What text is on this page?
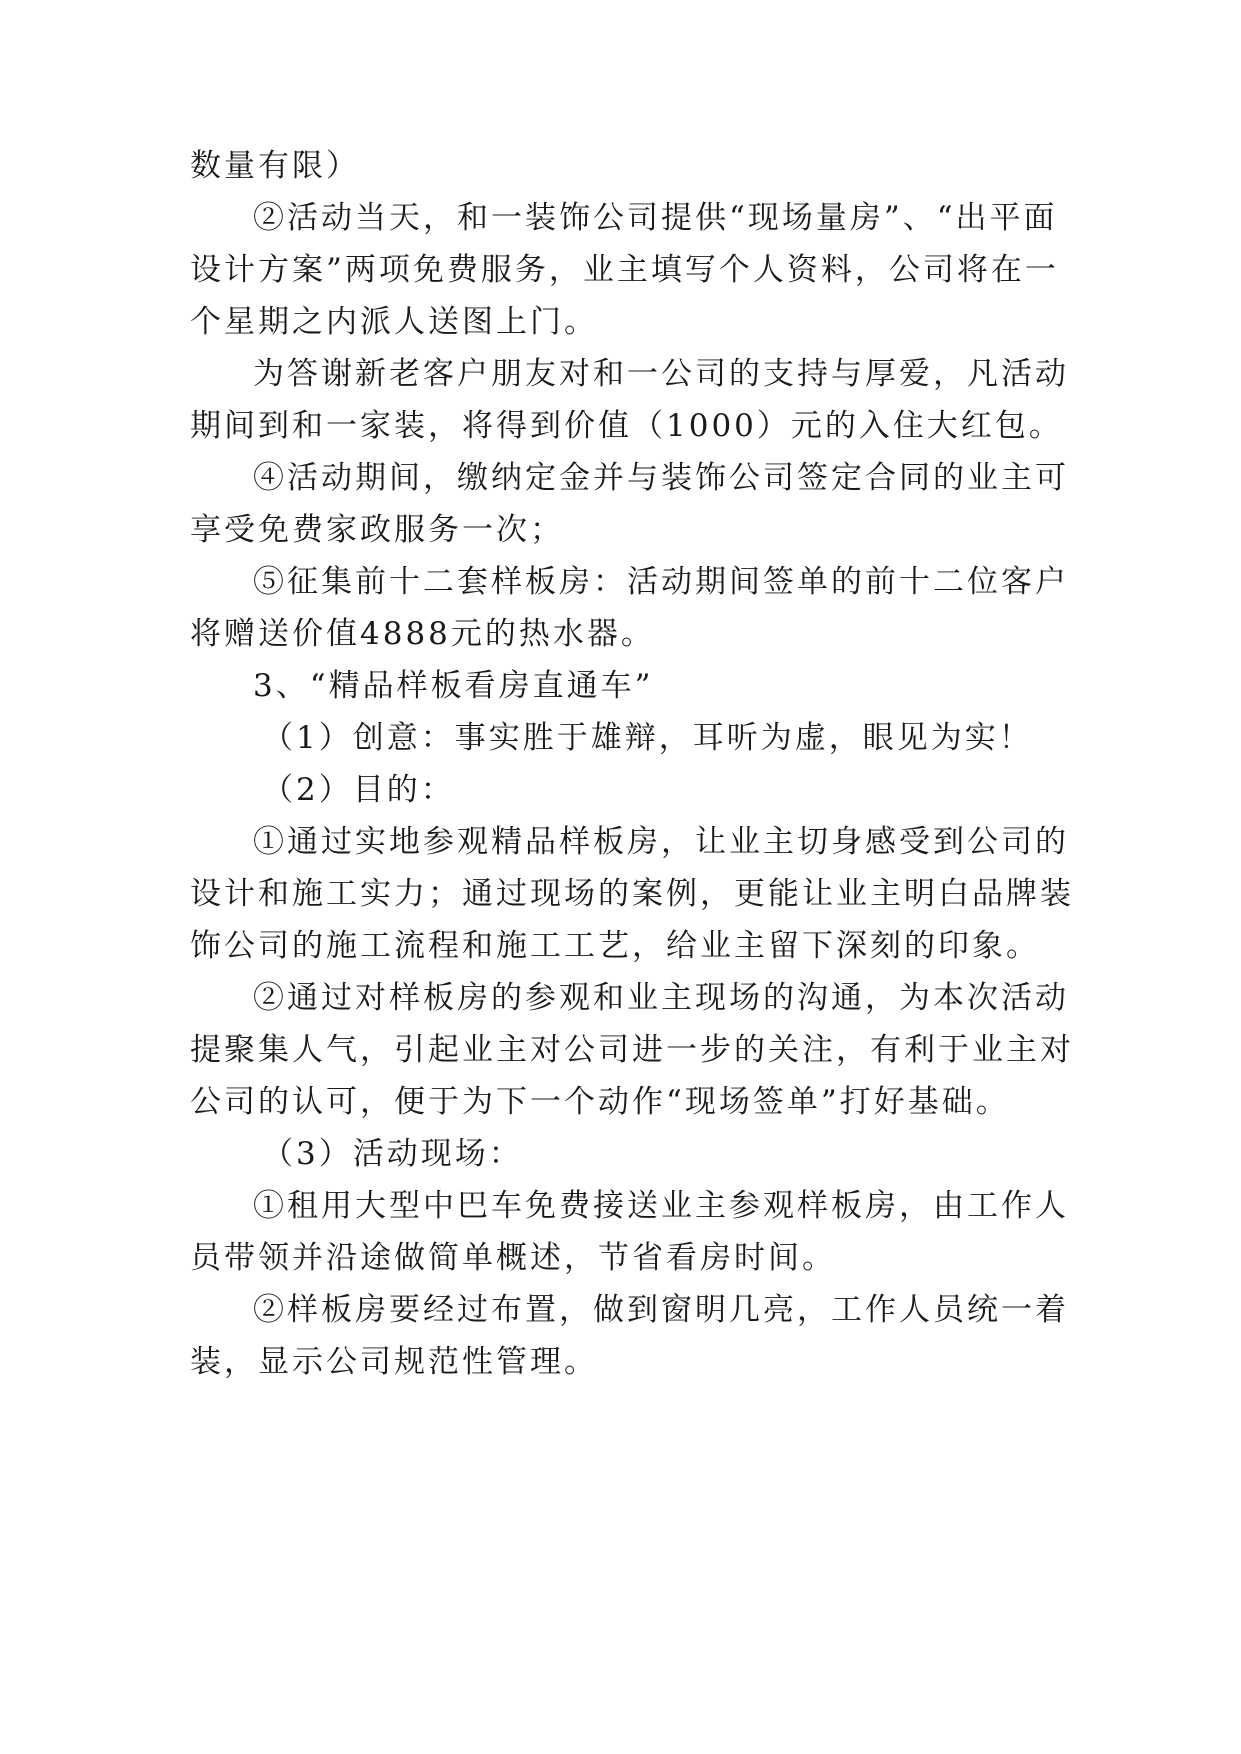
数量有限）
②活动当天，和一装饰公司提供“现场量房”、“出平面
设计方案”两项免费服务，业主填写个人资料，公司将在一
个星期之内派人送图上门。
为答谢新老客户朋友对和一公司的支持与厚爱，凡活动
期间到和一家装，将得到价值（1000）元的入住大红包。
④活动期间，缴纳定金并与装饰公司签定合同的业主可
享受免费家政服务一次；
⑤征集前十二套样板房：活动期间签单的前十二位客户
将赠送价值4888元的热水器。
3、“精品样板看房直通车”
（1）创意：事实胜于雄辩，耳听为虚，眼见为实！
（2）目的：
①通过实地参观精品样板房，让业主切身感受到公司的
设计和施工实力；通过现场的案例，更能让业主明白品牌装
饰公司的施工流程和施工工艺，给业主留下深刻的印象。
②通过对样板房的参观和业主现场的沟通，为本次活动
提聚集人气，引起业主对公司进一步的关注，有利于业主对
公司的认可，便于为下一个动作“现场签单”打好基础。
（3）活动现场：
①租用大型中巴车免费接送业主参观样板房，由工作人
员带领并沿途做简单概述，节省看房时间。
②样板房要经过布置，做到窗明几亮，工作人员统一着
装，显示公司规范性管理。
